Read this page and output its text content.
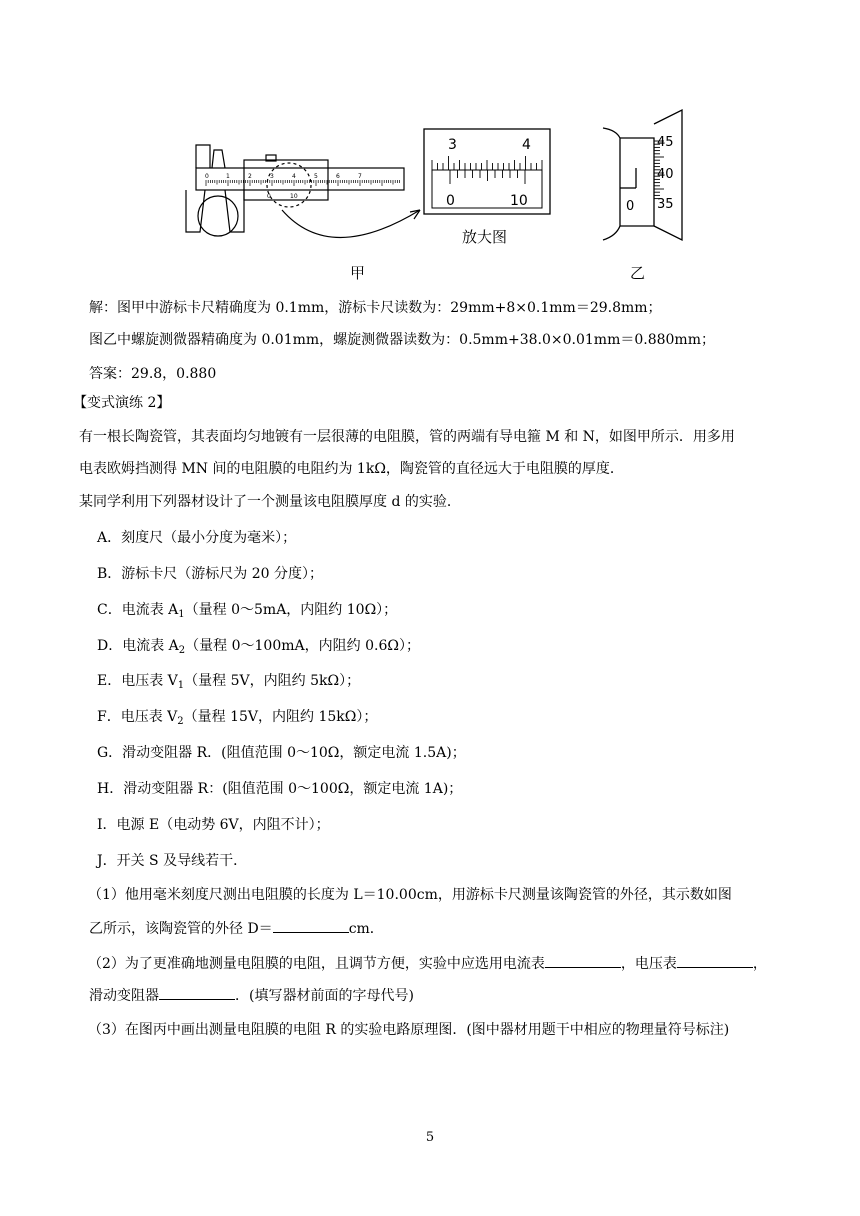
0	1	2	3	4	5	6	7
0	10
3	4
0	10
45
40
35
0
放大图
甲	乙
解：图甲中游标卡尺精确度为 0.1mm，游标卡尺读数为：29mm+8×0.1mm＝29.8mm；
图乙中螺旋测微器精确度为 0.01mm，螺旋测微器读数为：0.5mm+38.0×0.01mm＝0.880mm；
答案：29.8，0.880
【变式演练 2】
有一根长陶瓷管，其表面均匀地镀有一层很薄的电阻膜，管的两端有导电箍 M 和 N，如图甲所示．用多用
电表欧姆挡测得 MN 间的电阻膜的电阻约为 1kΩ，陶瓷管的直径远大于电阻膜的厚度．
某同学利用下列器材设计了一个测量该电阻膜厚度 d 的实验．
A．刻度尺（最小分度为毫米）；
B．游标卡尺（游标尺为 20 分度）；
C．电流表 $A_1$（量程 0～5mA，内阻约 10Ω）；
D．电流表 $A_2$（量程 0～100mA，内阻约 0.6Ω）；
E．电压表 $V_1$（量程 5V，内阻约 5kΩ）；
F．电压表 $V_2$（量程 15V，内阻约 15kΩ）；
G．滑动变阻器 R．(阻值范围 0～10Ω，额定电流 1.5A)；
H．滑动变阻器 R：(阻值范围 0～100Ω，额定电流 1A)；
I．电源 E（电动势 6V，内阻不计）；
J．开关 S 及导线若干．
（1）他用毫米刻度尺测出电阻膜的长度为 L＝10.00cm，用游标卡尺测量该陶瓷管的外径，其示数如图
乙所示，该陶瓷管的外径 D＝	cm．
（2）为了更准确地测量电阻膜的电阻，且调节方便，实验中应选用电流表	，电压表	，
滑动变阻器	．(填写器材前面的字母代号)
（3）在图丙中画出测量电阻膜的电阻 R 的实验电路原理图．(图中器材用题干中相应的物理量符号标注)
5
